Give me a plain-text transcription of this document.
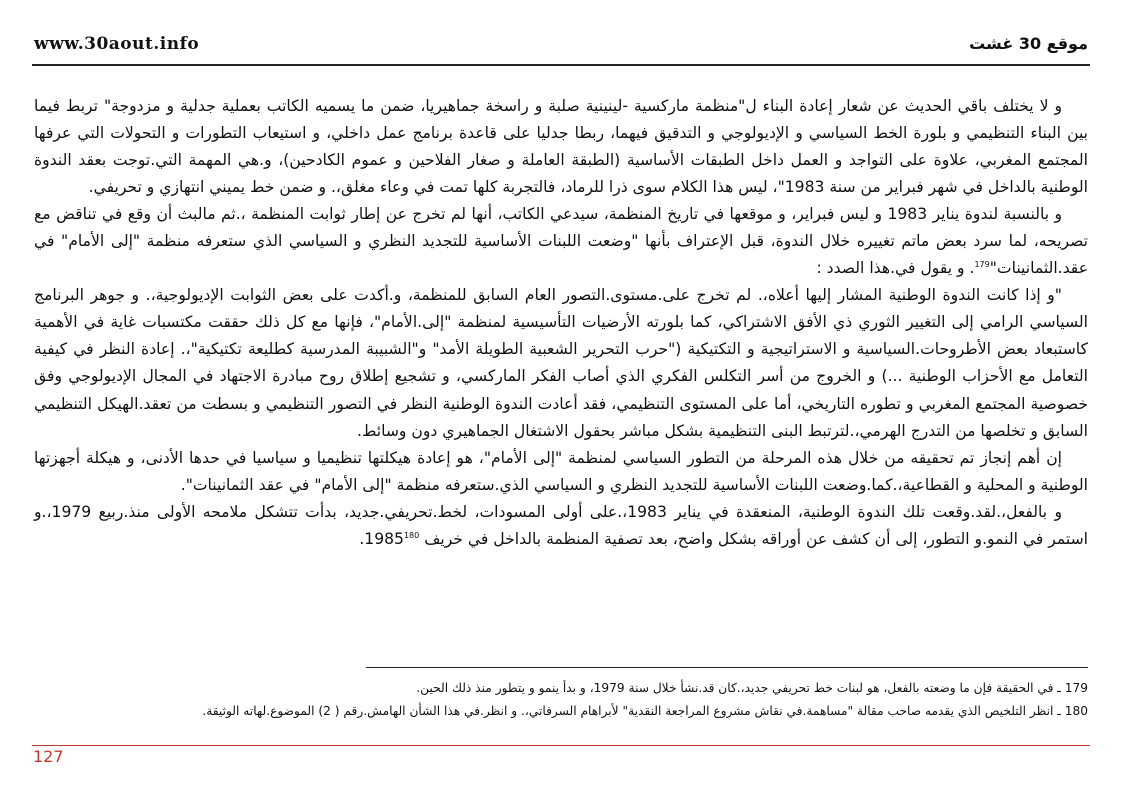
www.30aout.info	موقع 30 غشت

و لا يختلف باقي الحديث عن شعار إعادة البناء ل"منظمة ماركسية -لينينية صلبة و راسخة جماهيريا، ضمن ما يسميه الكاتب بعملية جدلية و مزدوجة" تربط فيما بين البناء التنظيمي و بلورة الخط السياسي و الإديولوجي و التدقيق فيهما، ربطا جدليا على قاعدة برنامج عمل داخلي، و استيعاب التطورات و التحولات التي عرفها المجتمع المغربي، علاوة على التواجد و العمل داخل الطبقات الأساسية (الطبقة العاملة و صغار الفلاحين و عموم الكادحين)، و.هي المهمة التي.توجت بعقد الندوة الوطنية بالداخل في شهر فبراير من سنة 1983"، ليس هذا الكلام سوى ذرا للرماد، فالتجربة كلها تمت في وعاء مغلق،. و ضمن خط يميني انتهازي و تحريفي.

و بالنسبة لندوة يناير 1983 و ليس فبراير، و موقعها في تاريخ المنظمة، سيدعي الكاتب، أنها لم تخرج عن إطار ثوابت المنظمة ،.ثم مالبث أن وقع في تناقض مع تصريحه، لما سرد بعض ماتم تغييره خلال الندوة، قبل الإعتراف بأنها "وضعت اللبنات الأساسية للتجديد النظري و السياسي الذي ستعرفه منظمة "إلى الأمام" في عقد.الثمانينات"$^{179}$. و يقول في.هذا الصدد :

"و إذا كانت الندوة الوطنية المشار إليها أعلاه،. لم تخرج على.مستوى.التصور العام السابق للمنظمة، و.أكدت على بعض الثوابت الإديولوجية،. و جوهر البرنامج السياسي الرامي إلى التغيير الثوري ذي الأفق الاشتراكي، كما بلورته الأرضيات التأسيسية لمنظمة "إلى.الأمام"، فإنها مع كل ذلك حققت مكتسبات غاية في الأهمية كاستبعاد بعض الأطروحات.السياسية و الاستراتيجية و التكتيكية ("حرب التحرير الشعبية الطويلة الأمد" و"الشبيبة المدرسية كطليعة تكتيكية"،. إعادة النظر في كيفية التعامل مع الأحزاب الوطنية ...) و الخروج من أسر التكلس الفكري الذي أصاب الفكر الماركسي، و تشجيع إطلاق روح مبادرة الاجتهاد في المجال الإديولوجي وفق خصوصية المجتمع المغربي و تطوره التاريخي، أما على المستوى التنظيمي، فقد أعادت الندوة الوطنية النظر في التصور التنظيمي و بسطت من تعقد.الهيكل التنظيمي السابق و تخلصها من التدرج الهرمي،.لترتبط البنى التنظيمية بشكل مباشر بحقول الاشتغال الجماهيري دون وسائط.

إن أهم إنجاز تم تحقيقه من خلال هذه المرحلة من التطور السياسي لمنظمة "إلى الأمام"، هو إعادة هيكلتها تنظيميا و سياسيا في حدها الأدنى، و هيكلة أجهزتها الوطنية و المحلية و القطاعية،.كما.وضعت اللبنات الأساسية للتجديد النظري و السياسي الذي.ستعرفه منظمة "إلى الأمام" في عقد الثمانينات".

و بالفعل،.لقد.وقعت تلك الندوة الوطنية، المنعقدة في يناير 1983،.على أولى المسودات، لخط.تحريفي.جديد، بدأت تتشكل ملامحه الأولى منذ.ربيع 1979،.و استمر في النمو.و التطور، إلى أن كشف عن أوراقه بشكل واضح، بعد تصفية المنظمة بالداخل في خريف 1985$^{180}$.

179 ـ في الحقيقة فإن ما وضعته بالفعل، هو لبنات خط تحريفي جديد،.كان قد.نشأ خلال سنة 1979، و بدأ ينمو و يتطور منذ ذلك الحين.

180 ـ انظر التلخيص الذي يقدمه صاحب مقالة "مساهمة.في نقاش مشروع المراجعة النقدية" لأبراهام السرفاتي،. و انظر.في هذا الشأن الهامش.رقم ( 2) الموضوع.لهاته الوثيقة.

127
